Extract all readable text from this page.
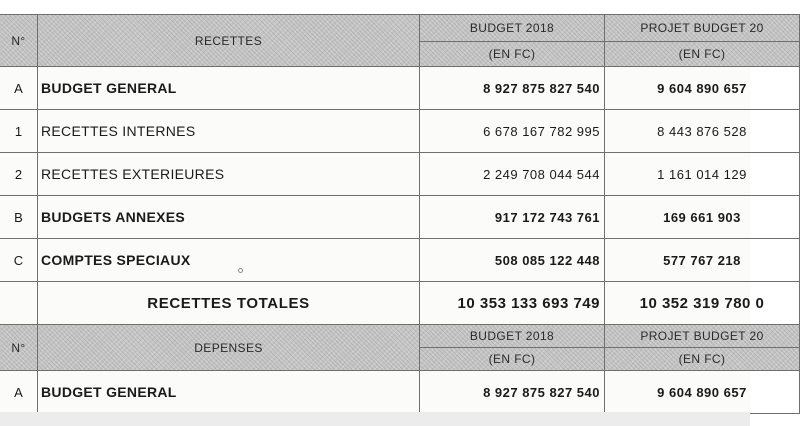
N°	RECETTES	BUDGET 2018	PROJET BUDGET 20
		(EN FC)	(EN FC)
A	BUDGET GENERAL	8 927 875 827 540	9 604 890 657
1	RECETTES INTERNES	6 678 167 782 995	8 443 876 528
2	RECETTES EXTERIEURES	2 249 708 044 544	1 161 014 129
B	BUDGETS ANNEXES	917 172 743 761	169 661 903
C	COMPTES SPECIAUX	508 085 122 448	577 767 218
	RECETTES TOTALES	10 353 133 693 749	10 352 319 780 0
N°	DEPENSES	BUDGET 2018	PROJET BUDGET 20
		(EN FC)	(EN FC)
A	BUDGET GENERAL	8 927 875 827 540	9 604 890 657
